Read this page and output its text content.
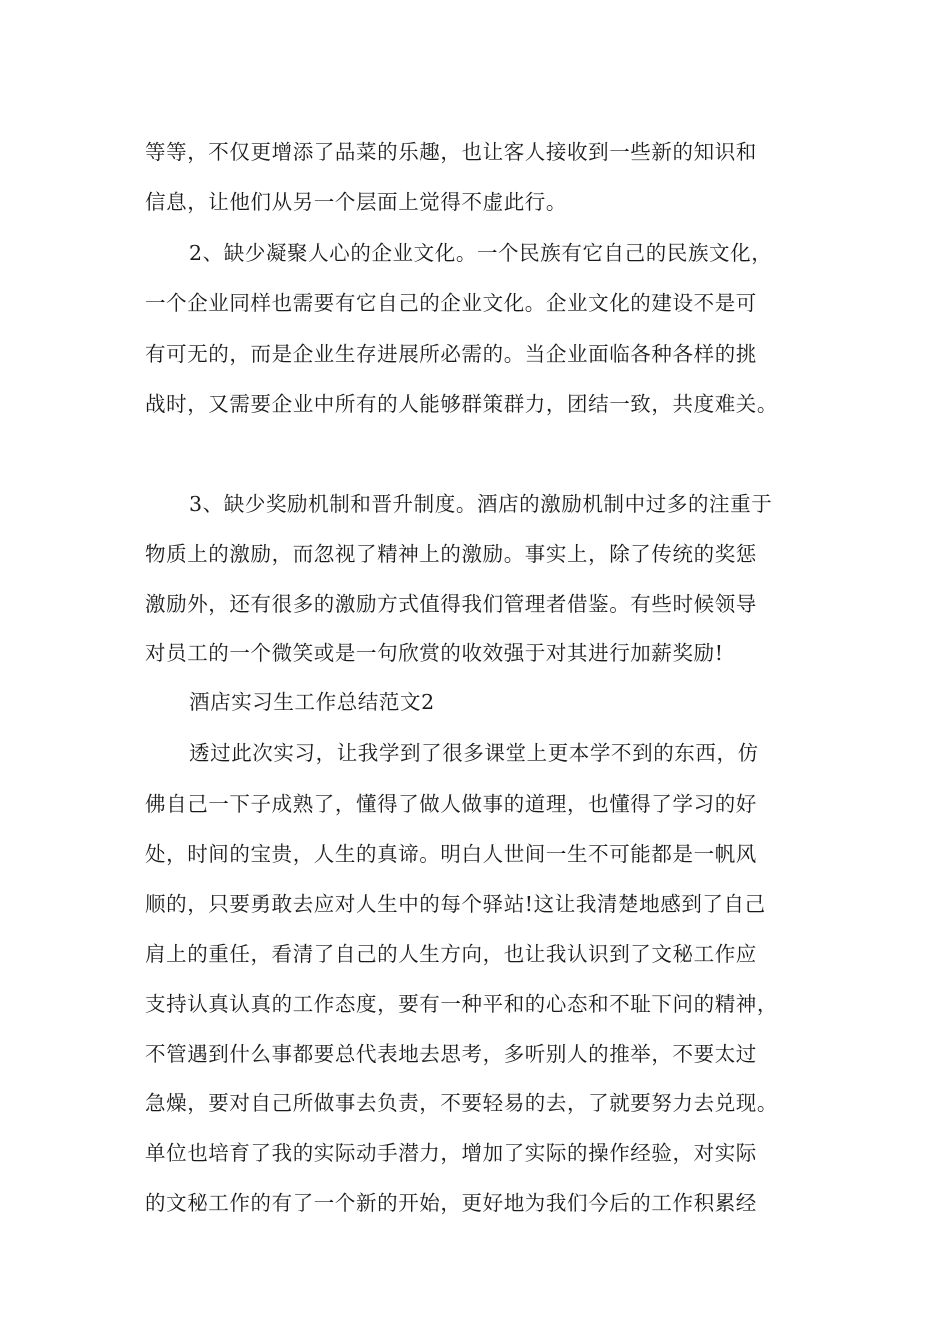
等等，不仅更增添了品菜的乐趣，也让客人接收到一些新的知识和

信息，让他们从另一个层面上觉得不虚此行。

2、缺少凝聚人心的企业文化。一个民族有它自己的民族文化，

一个企业同样也需要有它自己的企业文化。企业文化的建设不是可

有可无的，而是企业生存进展所必需的。当企业面临各种各样的挑

战时，又需要企业中所有的人能够群策群力，团结一致，共度难关。

3、缺少奖励机制和晋升制度。酒店的激励机制中过多的注重于

物质上的激励，而忽视了精神上的激励。事实上，除了传统的奖惩

激励外，还有很多的激励方式值得我们管理者借鉴。有些时候领导

对员工的一个微笑或是一句欣赏的收效强于对其进行加薪奖励!

酒店实习生工作总结范文2

透过此次实习，让我学到了很多课堂上更本学不到的东西，仿

佛自己一下子成熟了，懂得了做人做事的道理，也懂得了学习的好

处，时间的宝贵，人生的真谛。明白人世间一生不可能都是一帆风

顺的，只要勇敢去应对人生中的每个驿站!这让我清楚地感到了自己

肩上的重任，看清了自己的人生方向，也让我认识到了文秘工作应

支持认真认真的工作态度，要有一种平和的心态和不耻下问的精神，

不管遇到什么事都要总代表地去思考，多听别人的推举，不要太过

急燥，要对自己所做事去负责，不要轻易的去，了就要努力去兑现。

单位也培育了我的实际动手潜力，增加了实际的操作经验，对实际

的文秘工作的有了一个新的开始，更好地为我们今后的工作积累经
